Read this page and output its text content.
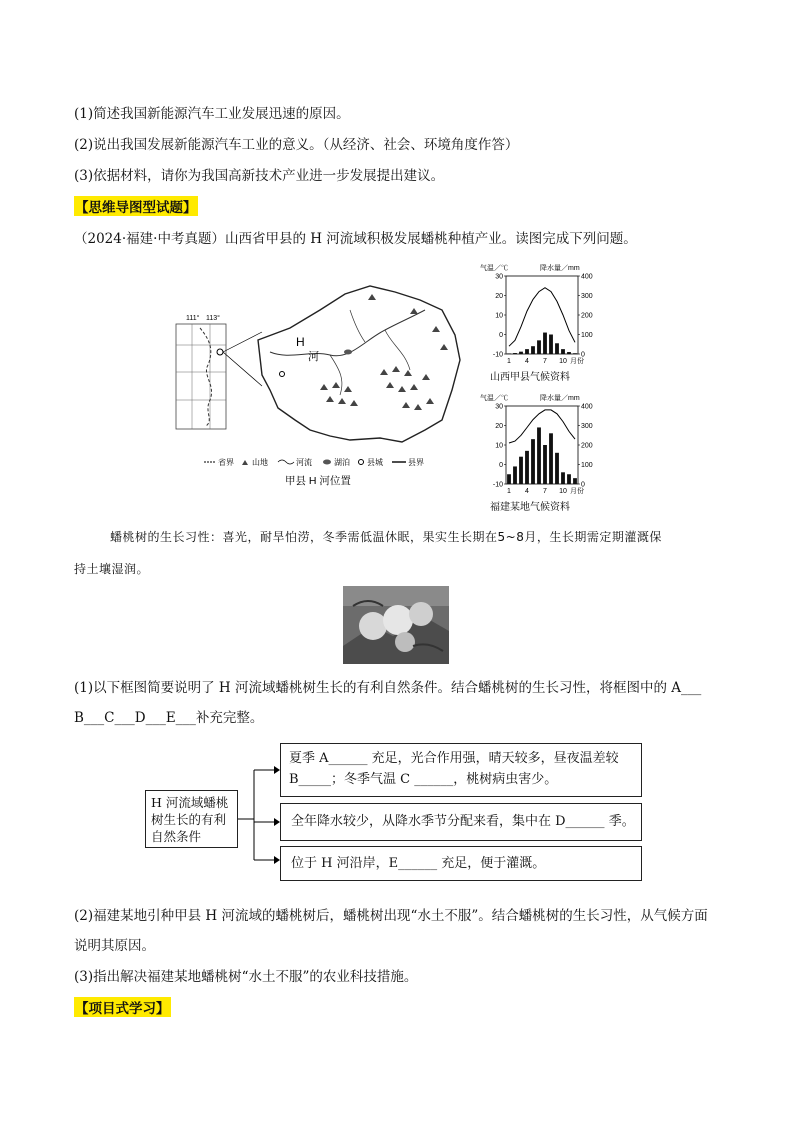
(1)简述我国新能源汽车工业发展迅速的原因。
(2)说出我国发展新能源汽车工业的意义。（从经济、社会、环境角度作答）
(3)依据材料，请你为我国高新技术产业进一步发展提出建议。
【思维导图型试题】
（2024·福建·中考真题）山西省甲县的 H 河流域积极发展蟠桃种植产业。读图完成下列问题。
111° 113°
H
河
省界 山地	河流	湖泊 县城	县界
甲县 H 河位置
气温／℃	降水量／mm
30
20
10
0
-10
400
300
200
100
0
1 4 7 10 月份
山西甲县气候资料
气温／℃	降水量／mm
30
20
10
0
-10
400
300
200
100
0
1 4 7 10 月份
福建某地气候资料
蟠桃树的生长习性：喜光，耐旱怕涝，冬季需低温休眠，果实生长期在5~8月，生长期需定期灌溉保
持土壤湿润。
(1)以下框图简要说明了 H 河流域蟠桃树生长的有利自然条件。结合蟠桃树的生长习性，将框图中的 A___
B___C___D___E___补充完整。
H 河流域蟠桃树生长的有利自然条件
夏季 A______ 充足，光合作用强，晴天较多，昼夜温差较
B_____；冬季气温 C ______，桃树病虫害少。
全年降水较少，从降水季节分配来看，集中在 D______ 季。
位于 H 河沿岸，E______ 充足，便于灌溉。
(2)福建某地引种甲县 H 河流域的蟠桃树后，蟠桃树出现“水土不服”。结合蟠桃树的生长习性，从气候方面
说明其原因。
(3)指出解决福建某地蟠桃树“水土不服”的农业科技措施。
【项目式学习】
